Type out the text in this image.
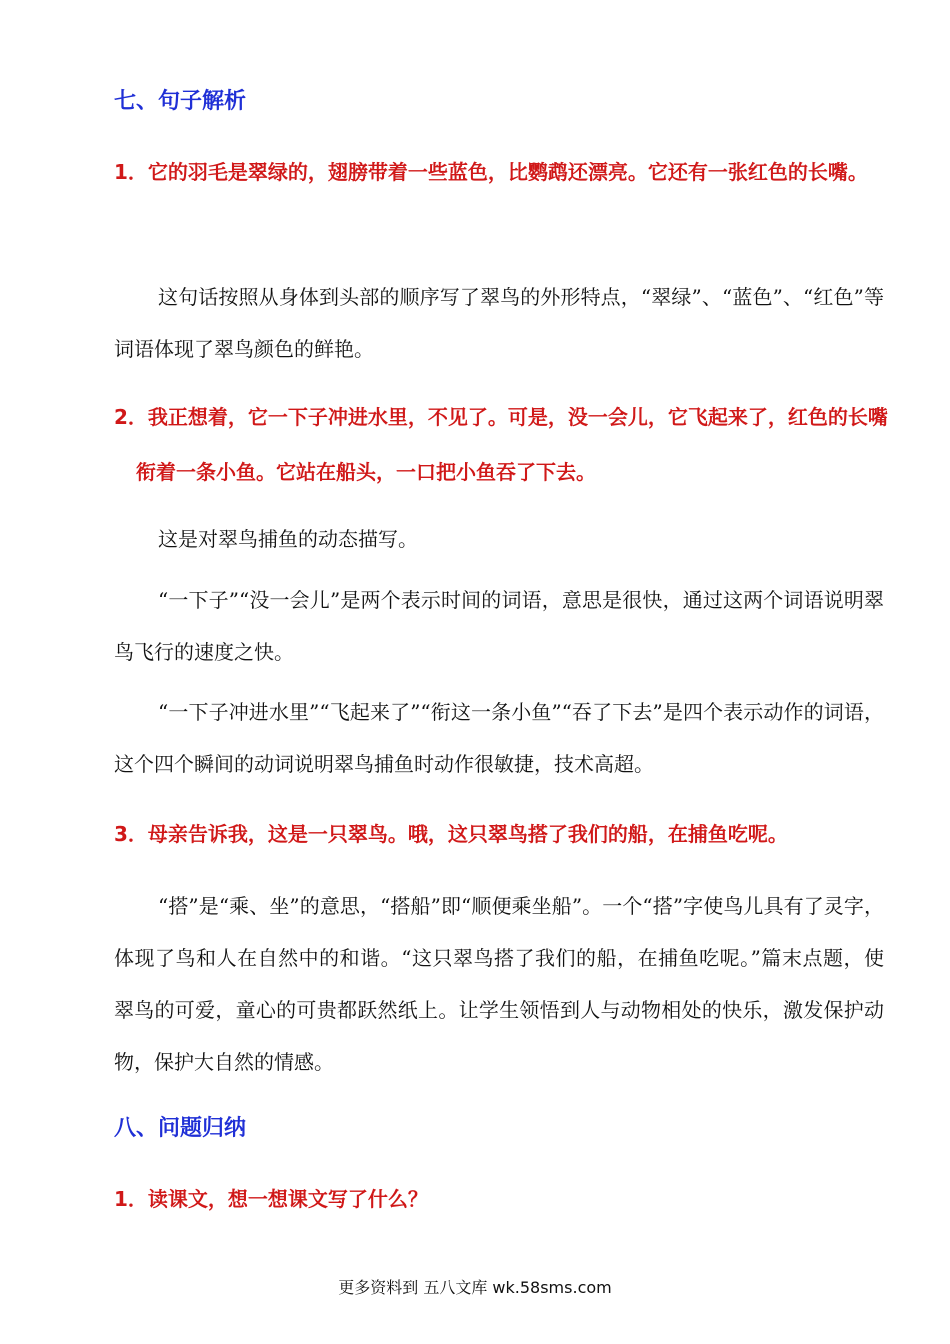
七、句子解析
1．它的羽毛是翠绿的，翅膀带着一些蓝色，比鹦鹉还漂亮。它还有一张红色的长嘴。
这句话按照从身体到头部的顺序写了翠鸟的外形特点，“翠绿”、“蓝色”、“红色”等词语体现了翠鸟颜色的鲜艳。
2．我正想着，它一下子冲进水里，不见了。可是，没一会儿，它飞起来了，红色的长嘴衔着一条小鱼。它站在船头，一口把小鱼吞了下去。
这是对翠鸟捕鱼的动态描写。
“一下子”“没一会儿”是两个表示时间的词语，意思是很快，通过这两个词语说明翠鸟飞行的速度之快。
“一下子冲进水里”“飞起来了”“衔这一条小鱼”“吞了下去”是四个表示动作的词语，这个四个瞬间的动词说明翠鸟捕鱼时动作很敏捷，技术高超。
3．母亲告诉我，这是一只翠鸟。哦，这只翠鸟搭了我们的船，在捕鱼吃呢。
“搭”是“乘、坐”的意思，“搭船”即“顺便乘坐船”。一个“搭”字使鸟儿具有了灵字，体现了鸟和人在自然中的和谐。“这只翠鸟搭了我们的船，在捕鱼吃呢。”篇末点题，使翠鸟的可爱，童心的可贵都跃然纸上。让学生领悟到人与动物相处的快乐，激发保护动物，保护大自然的情感。
八、问题归纳
1．读课文，想一想课文写了什么？
更多资料到 五八文库 wk.58sms.com
